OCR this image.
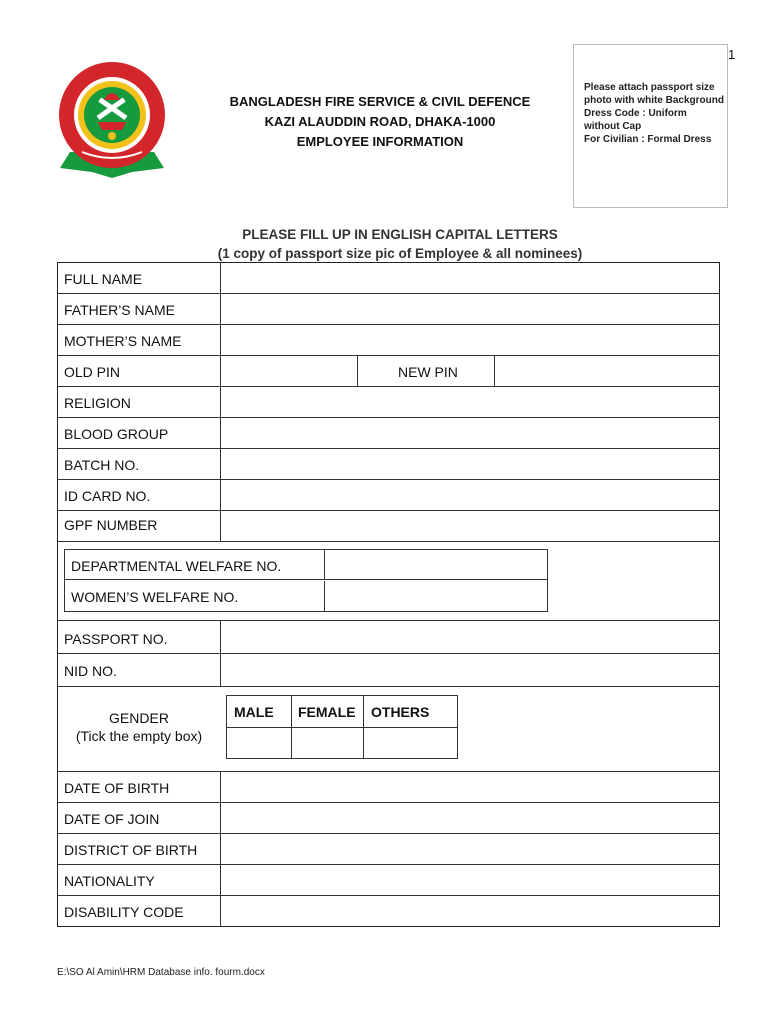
1
BANGLADESH FIRE SERVICE & CIVIL DEFENCE
KAZI ALAUDDIN ROAD, DHAKA-1000
EMPLOYEE INFORMATION
Please attach passport size
photo with white Background
Dress Code : Uniform
without Cap
For Civilian : Formal Dress
PLEASE FILL UP IN ENGLISH CAPITAL LETTERS
(1 copy of passport size pic of Employee & all nominees)
FULL NAME
FATHER’S NAME
MOTHER’S NAME
OLD PIN	NEW PIN
RELIGION
BLOOD GROUP
BATCH NO.
ID CARD NO.
GPF NUMBER
DEPARTMENTAL WELFARE NO.
WOMEN’S WELFARE NO.
PASSPORT NO.
NID NO.
GENDER
(Tick the empty box)
MALE FEMALE OTHERS
DATE OF BIRTH
DATE OF JOIN
DISTRICT OF BIRTH
NATIONALITY
DISABILITY CODE
E:\SO Al Amin\HRM Database info. fourm.docx
